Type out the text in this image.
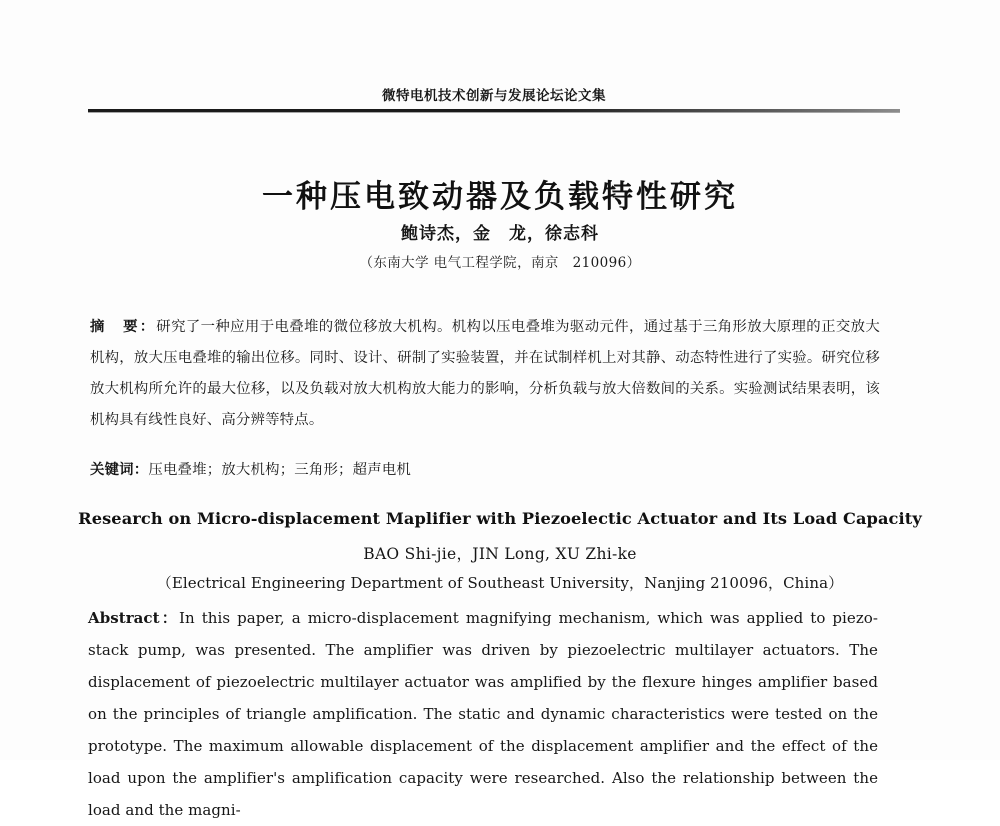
微特电机技术创新与发展论坛论文集
一种压电致动器及负载特性研究
鲍诗杰，金　龙，徐志科
（东南大学 电气工程学院，南京　210096）
摘　要：研究了一种应用于电叠堆的微位移放大机构。机构以压电叠堆为驱动元件，通过基于三角形放大原理的正交放大机构，放大压电叠堆的输出位移。同时、设计、研制了实验装置，并在试制样机上对其静、动态特性进行了实验。研究位移放大机构所允许的最大位移，以及负载对放大机构放大能力的影响，分析负载与放大倍数间的关系。实验测试结果表明，该机构具有线性良好、高分辨等特点。
关键词：压电叠堆；放大机构；三角形；超声电机
Research on Micro-displacement Maplifier with Piezoelectic Actuator and Its Load Capacity
BAO Shi-jie，JIN Long, XU Zhi-ke
（Electrical Engineering Department of Southeast University，Nanjing 210096，China）
Abstract：In this paper, a micro-displacement magnifying mechanism, which was applied to piezo-stack pump, was presented. The amplifier was driven by piezoelectric multilayer actuators. The displacement of piezoelectric multilayer actuator was amplified by the flexure hinges amplifier based on the principles of triangle amplification. The static and dynamic characteristics were tested on the prototype. The maximum allowable displacement of the displacement amplifier and the effect of the load upon the amplifier's amplification capacity were researched. Also the relationship between the load and the magni-
